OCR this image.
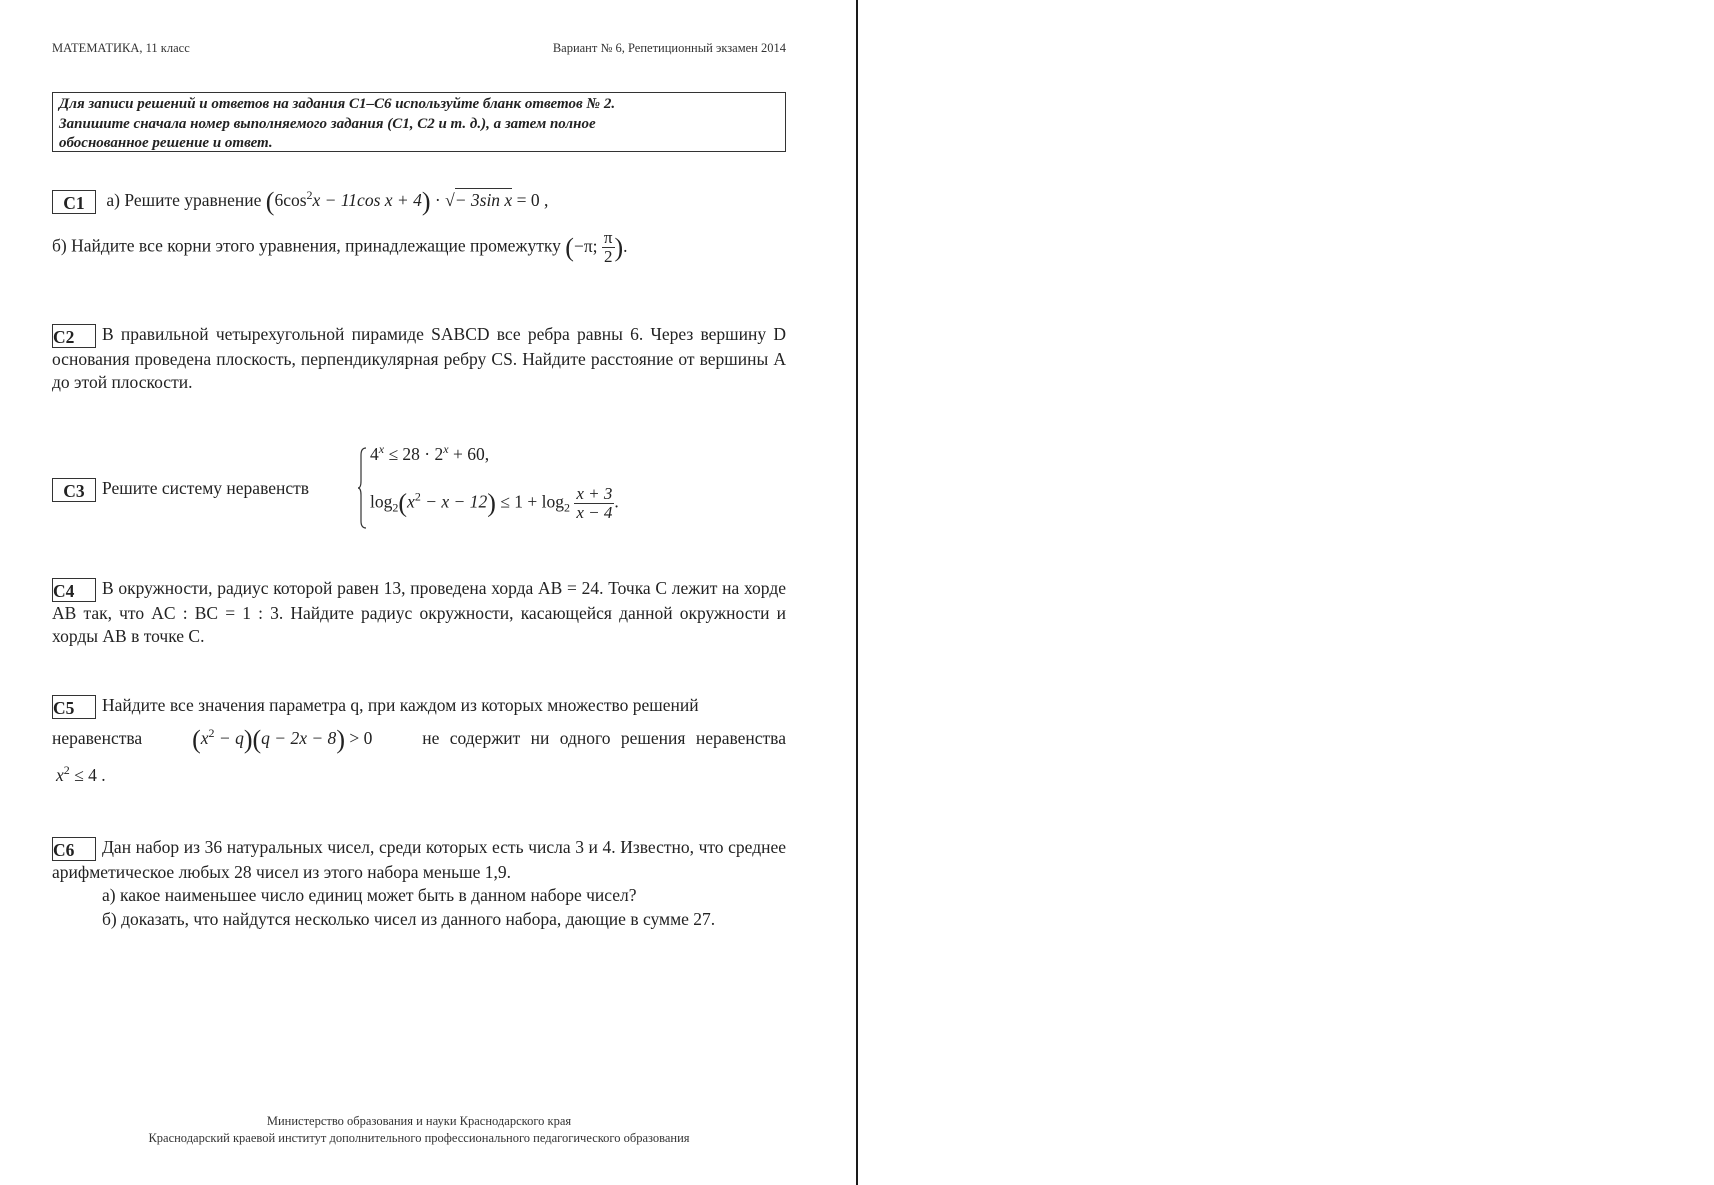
МАТЕМАТИКА, 11 класс	Вариант № 6, Репетиционный экзамен 2014
Для записи решений и ответов на задания С1–С6 используйте бланк ответов № 2.
Запишите сначала номер выполняемого задания (С1, С2 и т. д.), а затем полное
обоснованное решение и ответ.
С1 а) Решите уравнение ($6\cos^2x - 11\cos$ x + 4) · √− 3sin x = 0 ,
б) Найдите все корни этого уравнения, принадлежащие промежутку (−π; $\frac{\pi}{2}$ ).
С2 В правильной четырехугольной пирамиде SABCD все ребра равны 6. Через вершину D основания проведена плоскость, перпендикулярная ребру CS. Найдите расстояние от вершины A до этой плоскости.
С3 Решите систему неравенств
$4^x \le 28 \cdot 2^x + 60$,
$\log_2(x^2 - x - 12) \le 1 + \log_2 \frac{x + 3}{x - 4}$ .
С4 В окружности, радиус которой равен 13, проведена хорда AB = 24. Точка C лежит на хорде AB так, что AC : BC = 1 : 3. Найдите радиус окружности, касающейся данной окружности и хорды AB в точке C.
С5 Найдите все значения параметра q, при каждом из которых множество решений
неравенства $(x^2 - q)(q - 2x - 8) > 0$	не содержит ни одного решения неравенства
$x^2 \le 4$ .
С6 Дан набор из 36 натуральных чисел, среди которых есть числа 3 и 4. Известно, что среднее арифметическое любых 28 чисел из этого набора меньше 1,9.
а) какое наименьшее число единиц может быть в данном наборе чисел?
б) доказать, что найдутся несколько чисел из данного набора, дающие в сумме 27.
Министерство образования и науки Краснодарского края
Краснодарский краевой институт дополнительного профессионального педагогического образования
